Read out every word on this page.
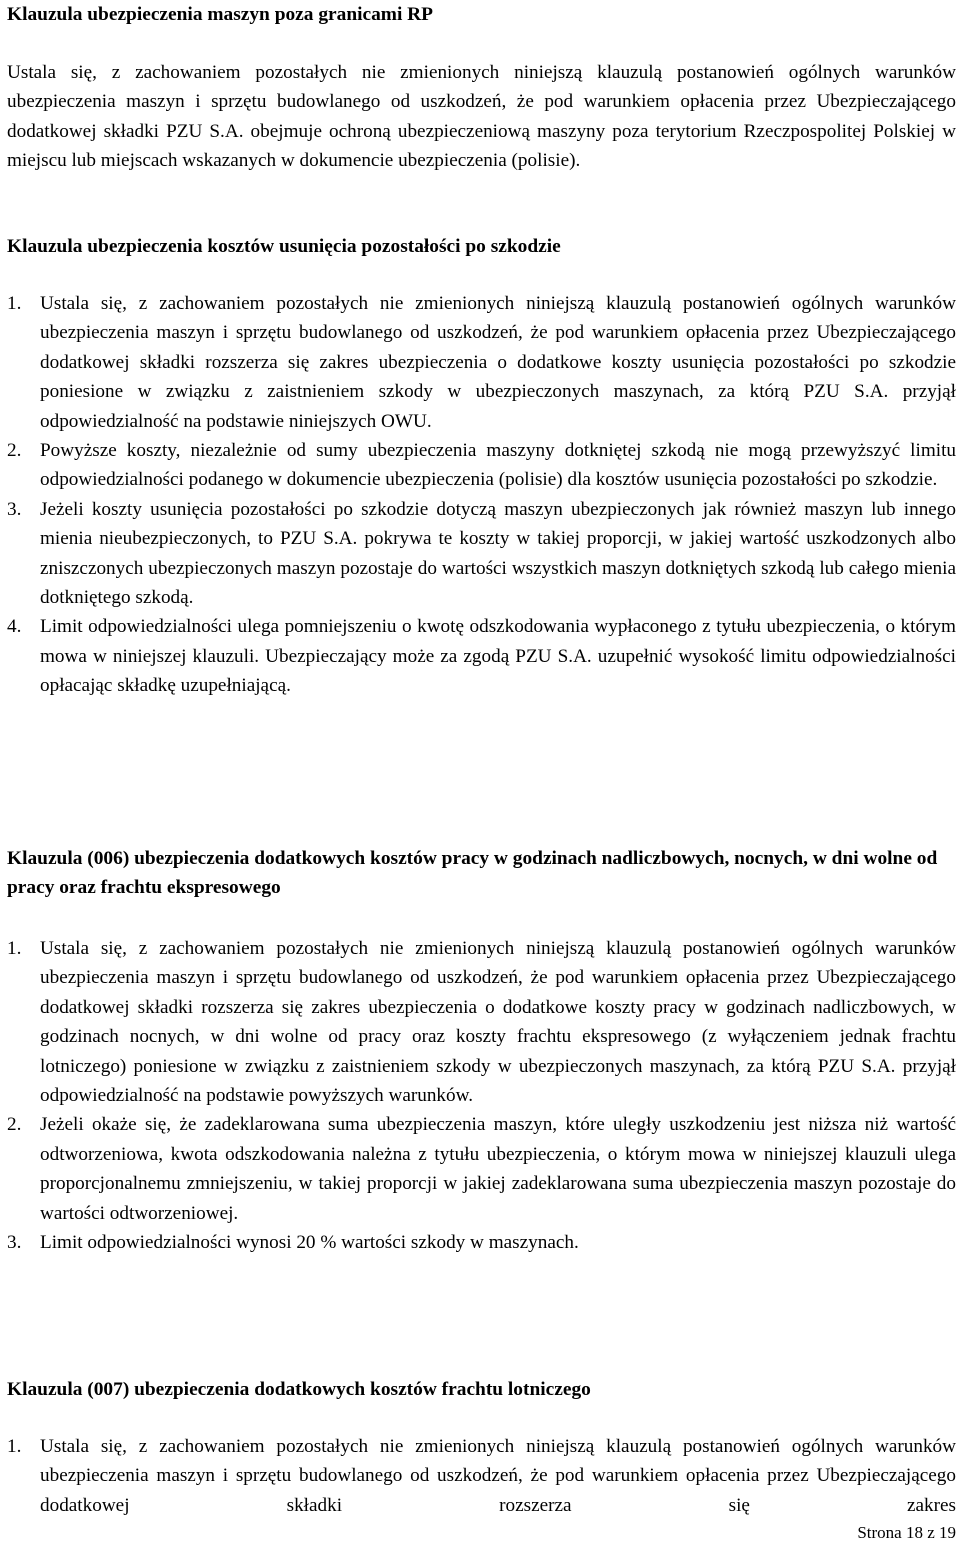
Klauzula ubezpieczenia maszyn poza granicami RP

Ustala się, z zachowaniem pozostałych nie zmienionych niniejszą klauzulą postanowień ogólnych warunków ubezpieczenia maszyn i sprzętu budowlanego od uszkodzeń, że pod warunkiem opłacenia przez Ubezpieczającego dodatkowej składki PZU S.A. obejmuje ochroną ubezpieczeniową maszyny poza terytorium Rzeczpospolitej Polskiej w miejscu lub miejscach wskazanych w dokumencie ubezpieczenia (polisie).

Klauzula ubezpieczenia kosztów usunięcia pozostałości po szkodzie
1. Ustala się, z zachowaniem pozostałych nie zmienionych niniejszą klauzulą postanowień ogólnych warunków ubezpieczenia maszyn i sprzętu budowlanego od uszkodzeń, że pod warunkiem opłacenia przez Ubezpieczającego dodatkowej składki rozszerza się zakres ubezpieczenia o dodatkowe koszty usunięcia pozostałości po szkodzie poniesione w związku z zaistnieniem szkody w ubezpieczonych maszynach, za którą PZU S.A. przyjął odpowiedzialność na podstawie niniejszych OWU.
2. Powyższe koszty, niezależnie od sumy ubezpieczenia maszyny dotkniętej szkodą nie mogą przewyższyć limitu odpowiedzialności podanego w dokumencie ubezpieczenia (polisie) dla kosztów usunięcia pozostałości po szkodzie.
3. Jeżeli koszty usunięcia pozostałości po szkodzie dotyczą maszyn ubezpieczonych jak również maszyn lub innego mienia nieubezpieczonych, to PZU S.A. pokrywa te koszty w takiej proporcji, w jakiej wartość uszkodzonych albo zniszczonych ubezpieczonych maszyn pozostaje do wartości wszystkich maszyn dotkniętych szkodą lub całego mienia dotkniętego szkodą.
4. Limit odpowiedzialności ulega pomniejszeniu o kwotę odszkodowania wypłaconego z tytułu ubezpieczenia, o którym mowa w niniejszej klauzuli. Ubezpieczający może za zgodą PZU S.A. uzupełnić wysokość limitu odpowiedzialności opłacając składkę uzupełniającą.
Klauzula (006) ubezpieczenia dodatkowych kosztów pracy w godzinach nadliczbowych, nocnych, w dni wolne od pracy oraz frachtu ekspresowego
1. Ustala się, z zachowaniem pozostałych nie zmienionych niniejszą klauzulą postanowień ogólnych warunków ubezpieczenia maszyn i sprzętu budowlanego od uszkodzeń, że pod warunkiem opłacenia przez Ubezpieczającego dodatkowej składki rozszerza się zakres ubezpieczenia o dodatkowe koszty pracy w godzinach nadliczbowych, w godzinach nocnych, w dni wolne od pracy oraz koszty frachtu ekspresowego (z wyłączeniem jednak frachtu lotniczego) poniesione w związku z zaistnieniem szkody w ubezpieczonych maszynach, za którą PZU S.A. przyjął odpowiedzialność na podstawie powyższych warunków.
2. Jeżeli okaże się, że zadeklarowana suma ubezpieczenia maszyn, które uległy uszkodzeniu jest niższa niż wartość odtworzeniowa, kwota odszkodowania należna z tytułu ubezpieczenia, o którym mowa w niniejszej klauzuli ulega proporcjonalnemu zmniejszeniu, w takiej proporcji w jakiej zadeklarowana suma ubezpieczenia maszyn pozostaje do wartości odtworzeniowej.
3. Limit odpowiedzialności wynosi 20 % wartości szkody w maszynach.
Klauzula (007) ubezpieczenia dodatkowych kosztów frachtu lotniczego
1. Ustala się, z zachowaniem pozostałych nie zmienionych niniejszą klauzulą postanowień ogólnych warunków ubezpieczenia maszyn i sprzętu budowlanego od uszkodzeń, że pod warunkiem opłacenia przez Ubezpieczającego dodatkowej składki rozszerza się zakres
Strona 18 z 19
